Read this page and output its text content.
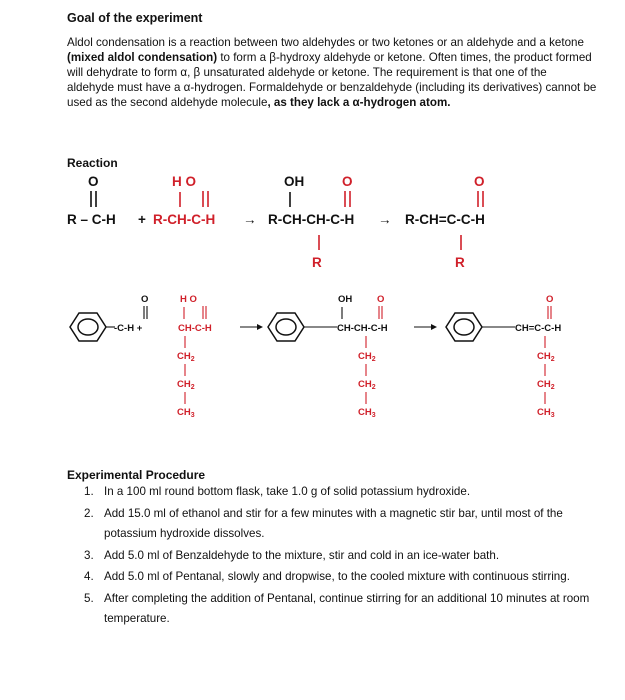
Goal of the experiment
Aldol condensation is a reaction between two aldehydes or two ketones or an aldehyde and a ketone (mixed aldol condensation) to form a β-hydroxy aldehyde or ketone. Often times, the product formed will dehydrate to form α, β unsaturated aldehyde or ketone. The requirement is that one of the aldehyde must have a α-hydrogen. Formaldehyde or benzaldehyde (including its derivatives) cannot be used as the second aldehyde molecule, as they lack a α-hydrogen atom.
Reaction
O
R – C-H +
H O
R-CH-C-H →
OH	O
R-CH-CH-C-H
R
→
O
R-CH=C-C-H
R
O
-C-H +
H O
CH-C-H
$CH_2$
$CH_2$
$CH_3$
OH	O
CH-CH-C-H
$CH_2$
$CH_2$
$CH_3$
O
CH=C-C-H
$CH_2$
$CH_2$
$CH_3$
Experimental Procedure
1. In a 100 ml round bottom flask, take 1.0 g of solid potassium hydroxide.
2. Add 15.0 ml of ethanol and stir for a few minutes with a magnetic stir bar, until most of the potassium hydroxide dissolves.
3. Add 5.0 ml of Benzaldehyde to the mixture, stir and cold in an ice-water bath.
4. Add 5.0 ml of Pentanal, slowly and dropwise, to the cooled mixture with continuous stirring.
5. After completing the addition of Pentanal, continue stirring for an additional 10 minutes at room temperature.
